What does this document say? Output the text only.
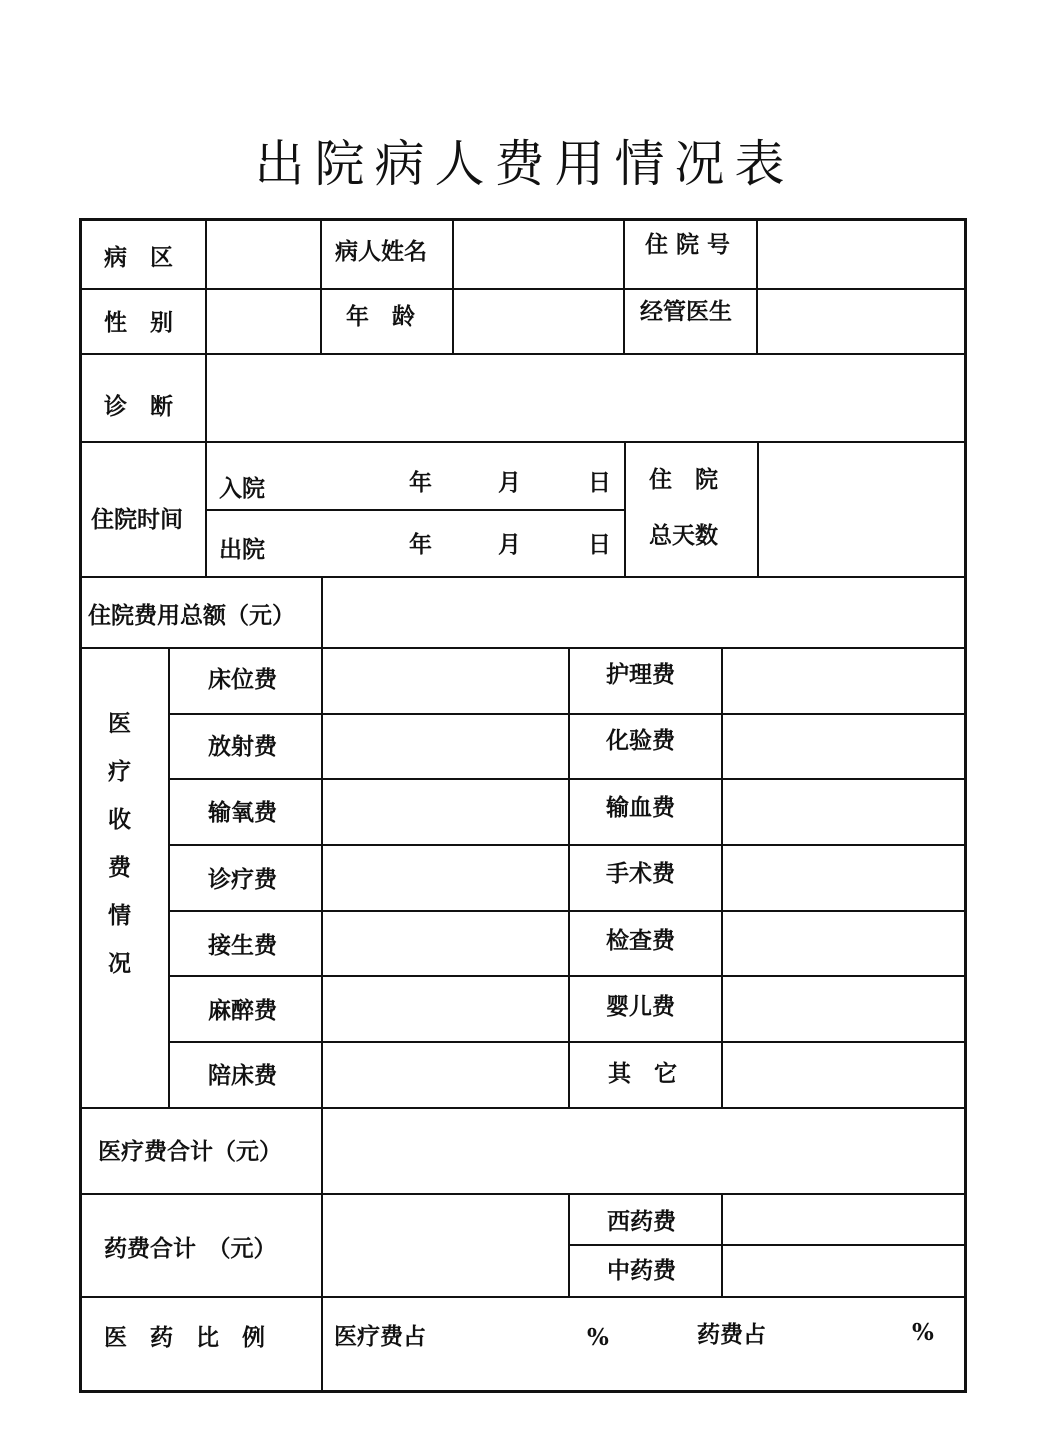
出院病人费用情况表
病　区	病人姓名	住院号
性　别	年　龄	经管医生
诊　断
住院时间
入院	年	月	日
出院	年	月	日
住　院
总天数
住院费用总额（元）
医
疗
收
费
情
况
床位费	护理费
放射费	化验费
输氧费	输血费
诊疗费	手术费
接生费	检查费
麻醉费	婴儿费
陪床费	其　它
医疗费合计（元）
药费合计　（元）
西药费
中药费
医　药　比　例	医疗费占	%	药费占	%
